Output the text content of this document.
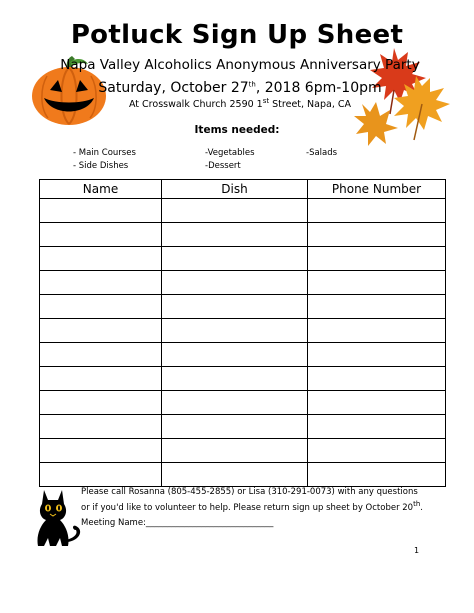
Potluck Sign Up Sheet
Napa Valley Alcoholics Anonymous Anniversary Party
Saturday, October 27th, 2018 6pm-10pm
At Crosswalk Church 2590 1st Street, Napa, CA
Items needed:
- Main Courses	-Vegetables	-Salads
- Side Dishes	-Dessert
Name	Dish	Phone Number

Please call Rosanna (805-455-2855) or Lisa (310-291-0073) with any questions
or if you'd like to volunteer to help. Please return sign up sheet by October 20th.
Meeting Name:______________________________
1
